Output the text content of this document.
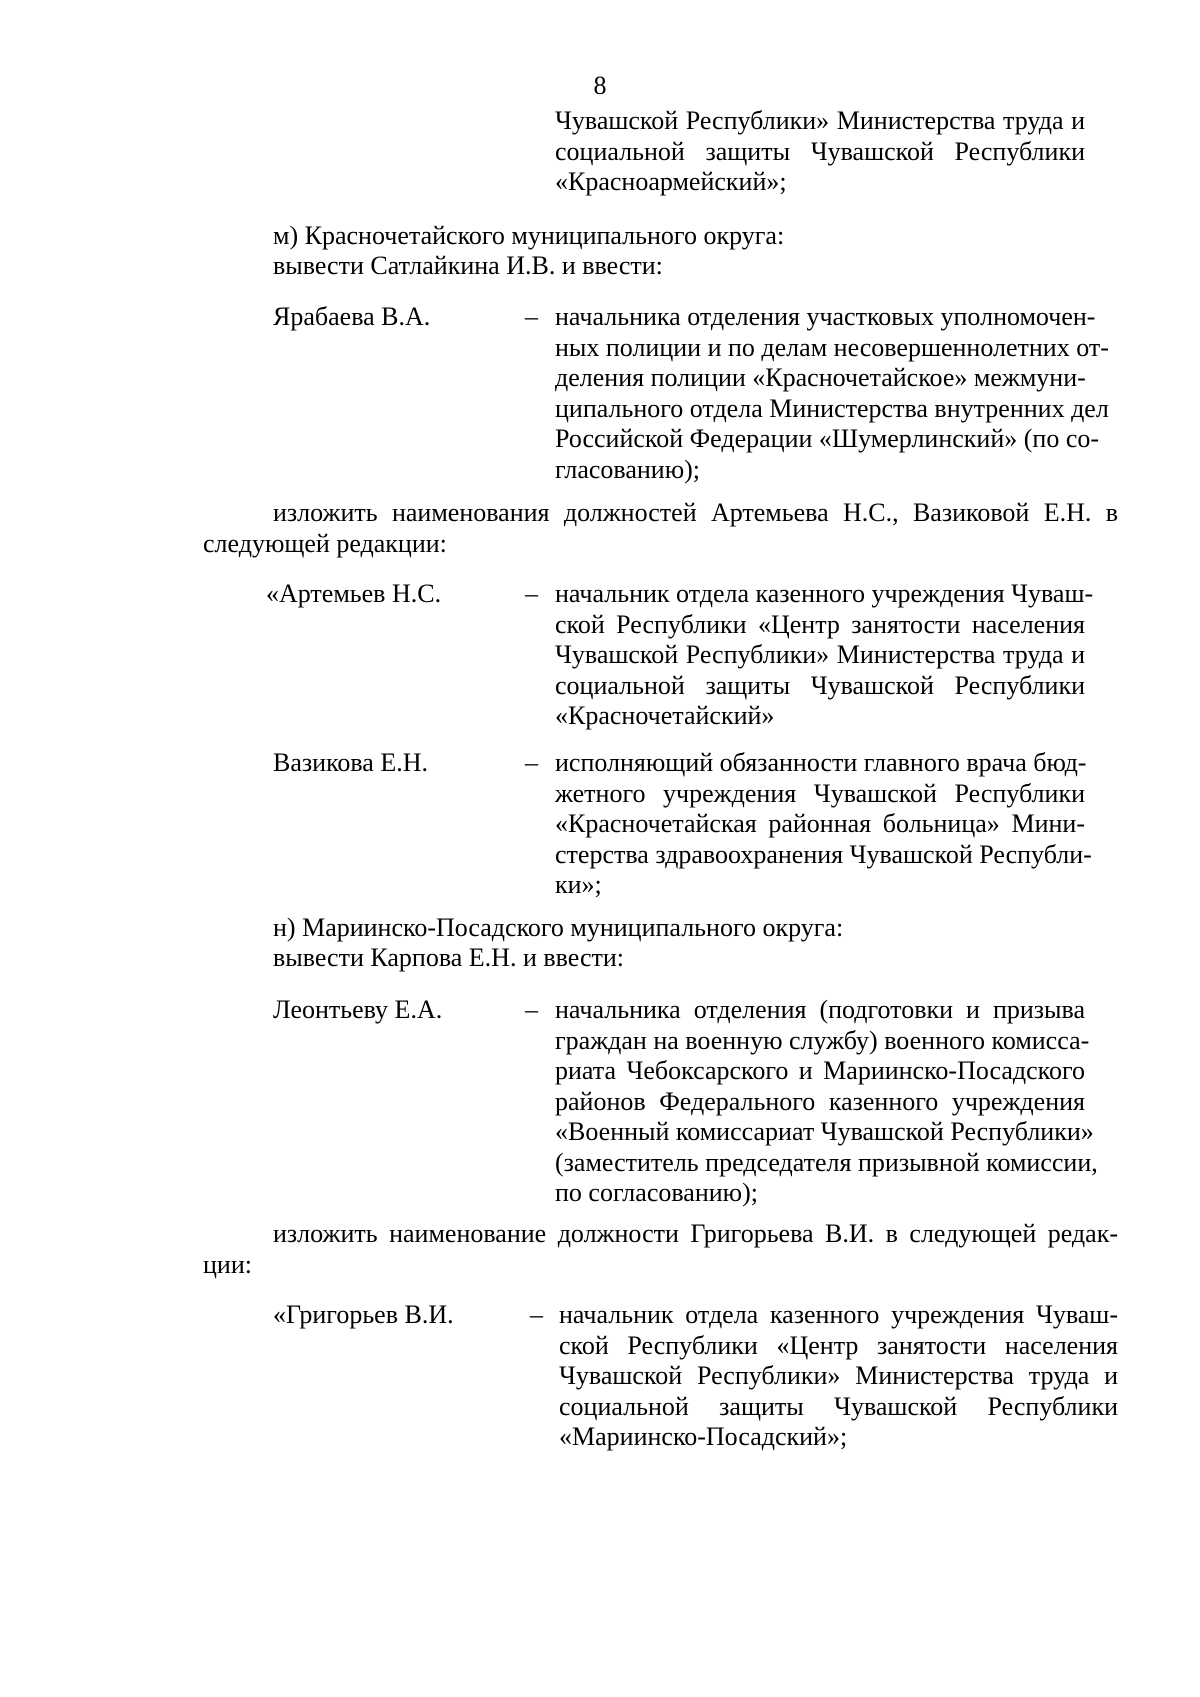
8
Чувашской Республики» Министерства труда и
социальной защиты Чувашской Республики
«Красноармейский»;
м) Красночетайского муниципального округа:
вывести Сатлайкина И.В. и ввести:
Ярабаева В.А.	– начальника отделения участковых уполномочен-
ных полиции и по делам несовершеннолетних от-
деления полиции «Красночетайское» межмуни-
ципального отдела Министерства внутренних дел
Российской Федерации «Шумерлинский» (по со-
гласованию);
изложить наименования должностей Артемьева Н.С., Вазиковой Е.Н. в
следующей редакции:
«Артемьев Н.С.	– начальник отдела казенного учреждения Чуваш-
ской Республики «Центр занятости населения
Чувашской Республики» Министерства труда и
социальной защиты Чувашской Республики
«Красночетайский»
Вазикова Е.Н.	– исполняющий обязанности главного врача бюд-
жетного учреждения Чувашской Республики
«Красночетайская районная больница» Мини-
стерства здравоохранения Чувашской Республи-
ки»;
н) Мариинско-Посадского муниципального округа:
вывести Карпова Е.Н. и ввести:
Леонтьеву Е.А.	– начальника отделения (подготовки и призыва
граждан на военную службу) военного комисса-
риата Чебоксарского и Мариинско-Посадского
районов Федерального казенного учреждения
«Военный комиссариат Чувашской Республики»
(заместитель председателя призывной комиссии,
по согласованию);
изложить наименование должности Григорьева В.И. в следующей редак-
ции:
«Григорьев В.И.	– начальник отдела казенного учреждения Чуваш-
ской Республики «Центр занятости населения
Чувашской Республики» Министерства труда и
социальной защиты Чувашской Республики
«Мариинско-Посадский»;
